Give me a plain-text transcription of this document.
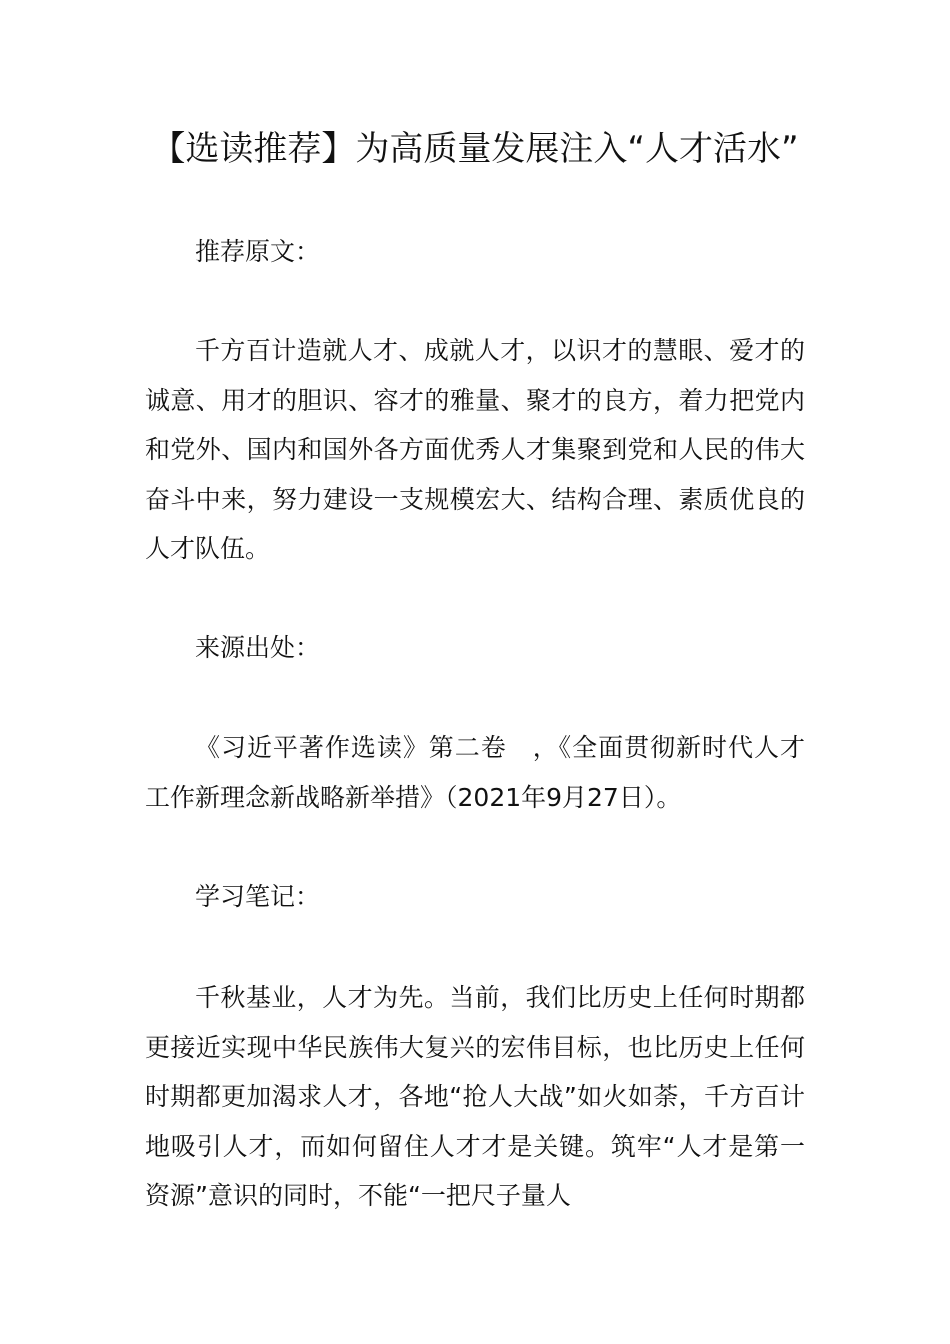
【选读推荐】为高质量发展注入“人才活水”

推荐原文：

千方百计造就人才、成就人才，以识才的慧眼、爱才的诚意、用才的胆识、容才的雅量、聚才的良方，着力把党内和党外、国内和国外各方面优秀人才集聚到党和人民的伟大奋斗中来，努力建设一支规模宏大、结构合理、素质优良的人才队伍。

来源出处：

《习近平著作选读》第二卷　，《全面贯彻新时代人才工作新理念新战略新举措》（2021年9月27日）。

学习笔记：

千秋基业，人才为先。当前，我们比历史上任何时期都更接近实现中华民族伟大复兴的宏伟目标，也比历史上任何时期都更加渴求人才，各地“抢人大战”如火如荼，千方百计地吸引人才，而如何留住人才才是关键。筑牢“人才是第一资源”意识的同时，不能“一把尺子量人
